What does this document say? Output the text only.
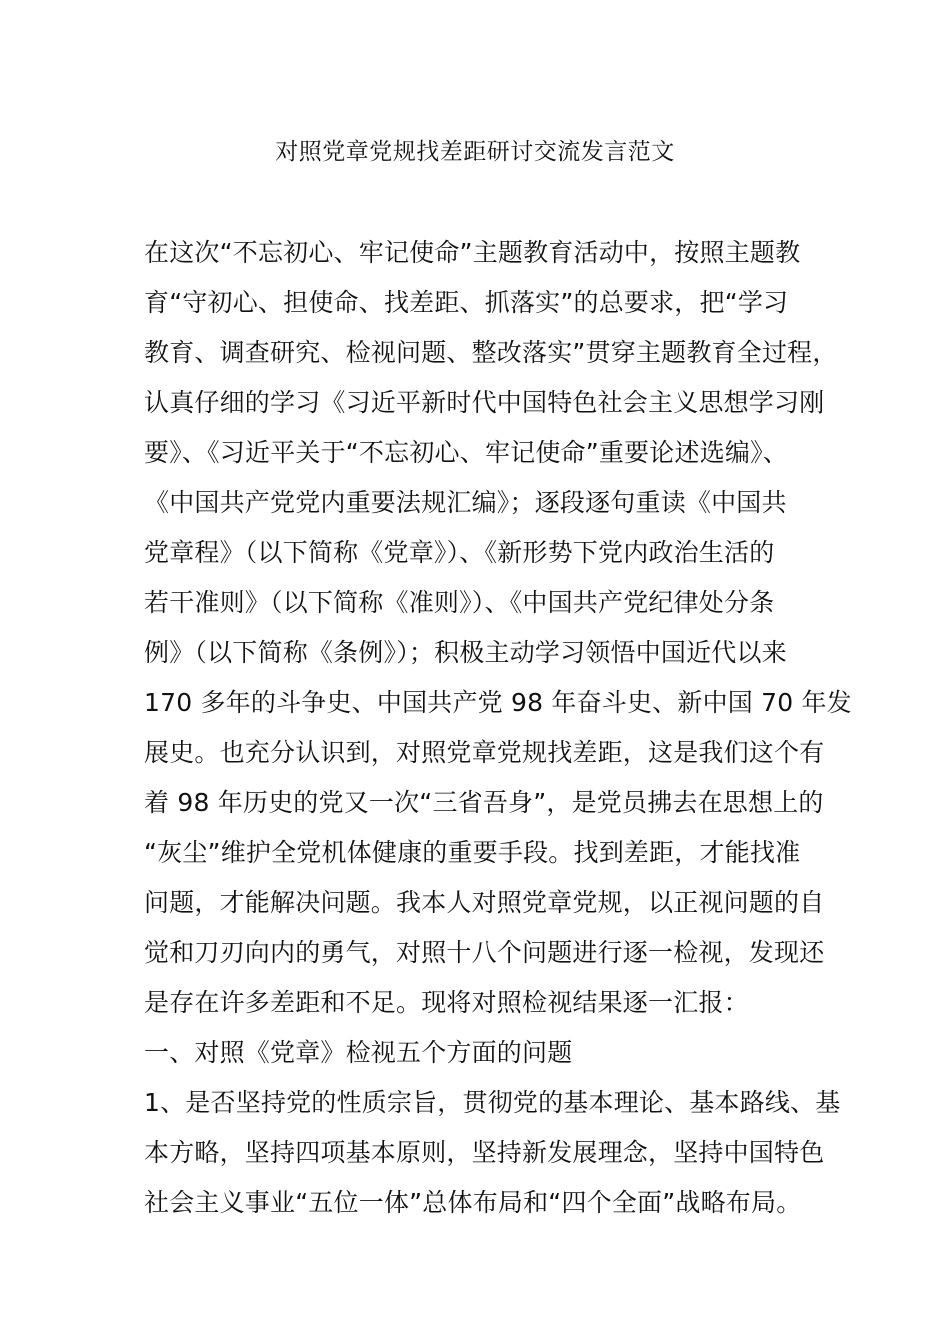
对照党章党规找差距研讨交流发言范文
在这次“不忘初心、牢记使命”主题教育活动中，按照主题教
育“守初心、担使命、找差距、抓落实”的总要求，把“学习
教育、调查研究、检视问题、整改落实”贯穿主题教育全过程，
认真仔细的学习《习近平新时代中国特色社会主义思想学习刚
要》、《习近平关于“不忘初心、牢记使命”重要论述选编》、
《中国共产党党内重要法规汇编》；逐段逐句重读《中国共
党章程》（以下简称《党章》）、《新形势下党内政治生活的
若干准则》（以下简称《准则》）、《中国共产党纪律处分条
例》（以下简称《条例》）；积极主动学习领悟中国近代以来
170 多年的斗争史、中国共产党 98 年奋斗史、新中国 70 年发
展史。也充分认识到，对照党章党规找差距，这是我们这个有
着 98 年历史的党又一次“三省吾身”，是党员拂去在思想上的
“灰尘”维护全党机体健康的重要手段。找到差距，才能找准
问题，才能解决问题。我本人对照党章党规，以正视问题的自
觉和刀刃向内的勇气，对照十八个问题进行逐一检视，发现还
是存在许多差距和不足。现将对照检视结果逐一汇报：
一、对照《党章》检视五个方面的问题
1、是否坚持党的性质宗旨，贯彻党的基本理论、基本路线、基
本方略，坚持四项基本原则，坚持新发展理念，坚持中国特色
社会主义事业“五位一体”总体布局和“四个全面”战略布局。
